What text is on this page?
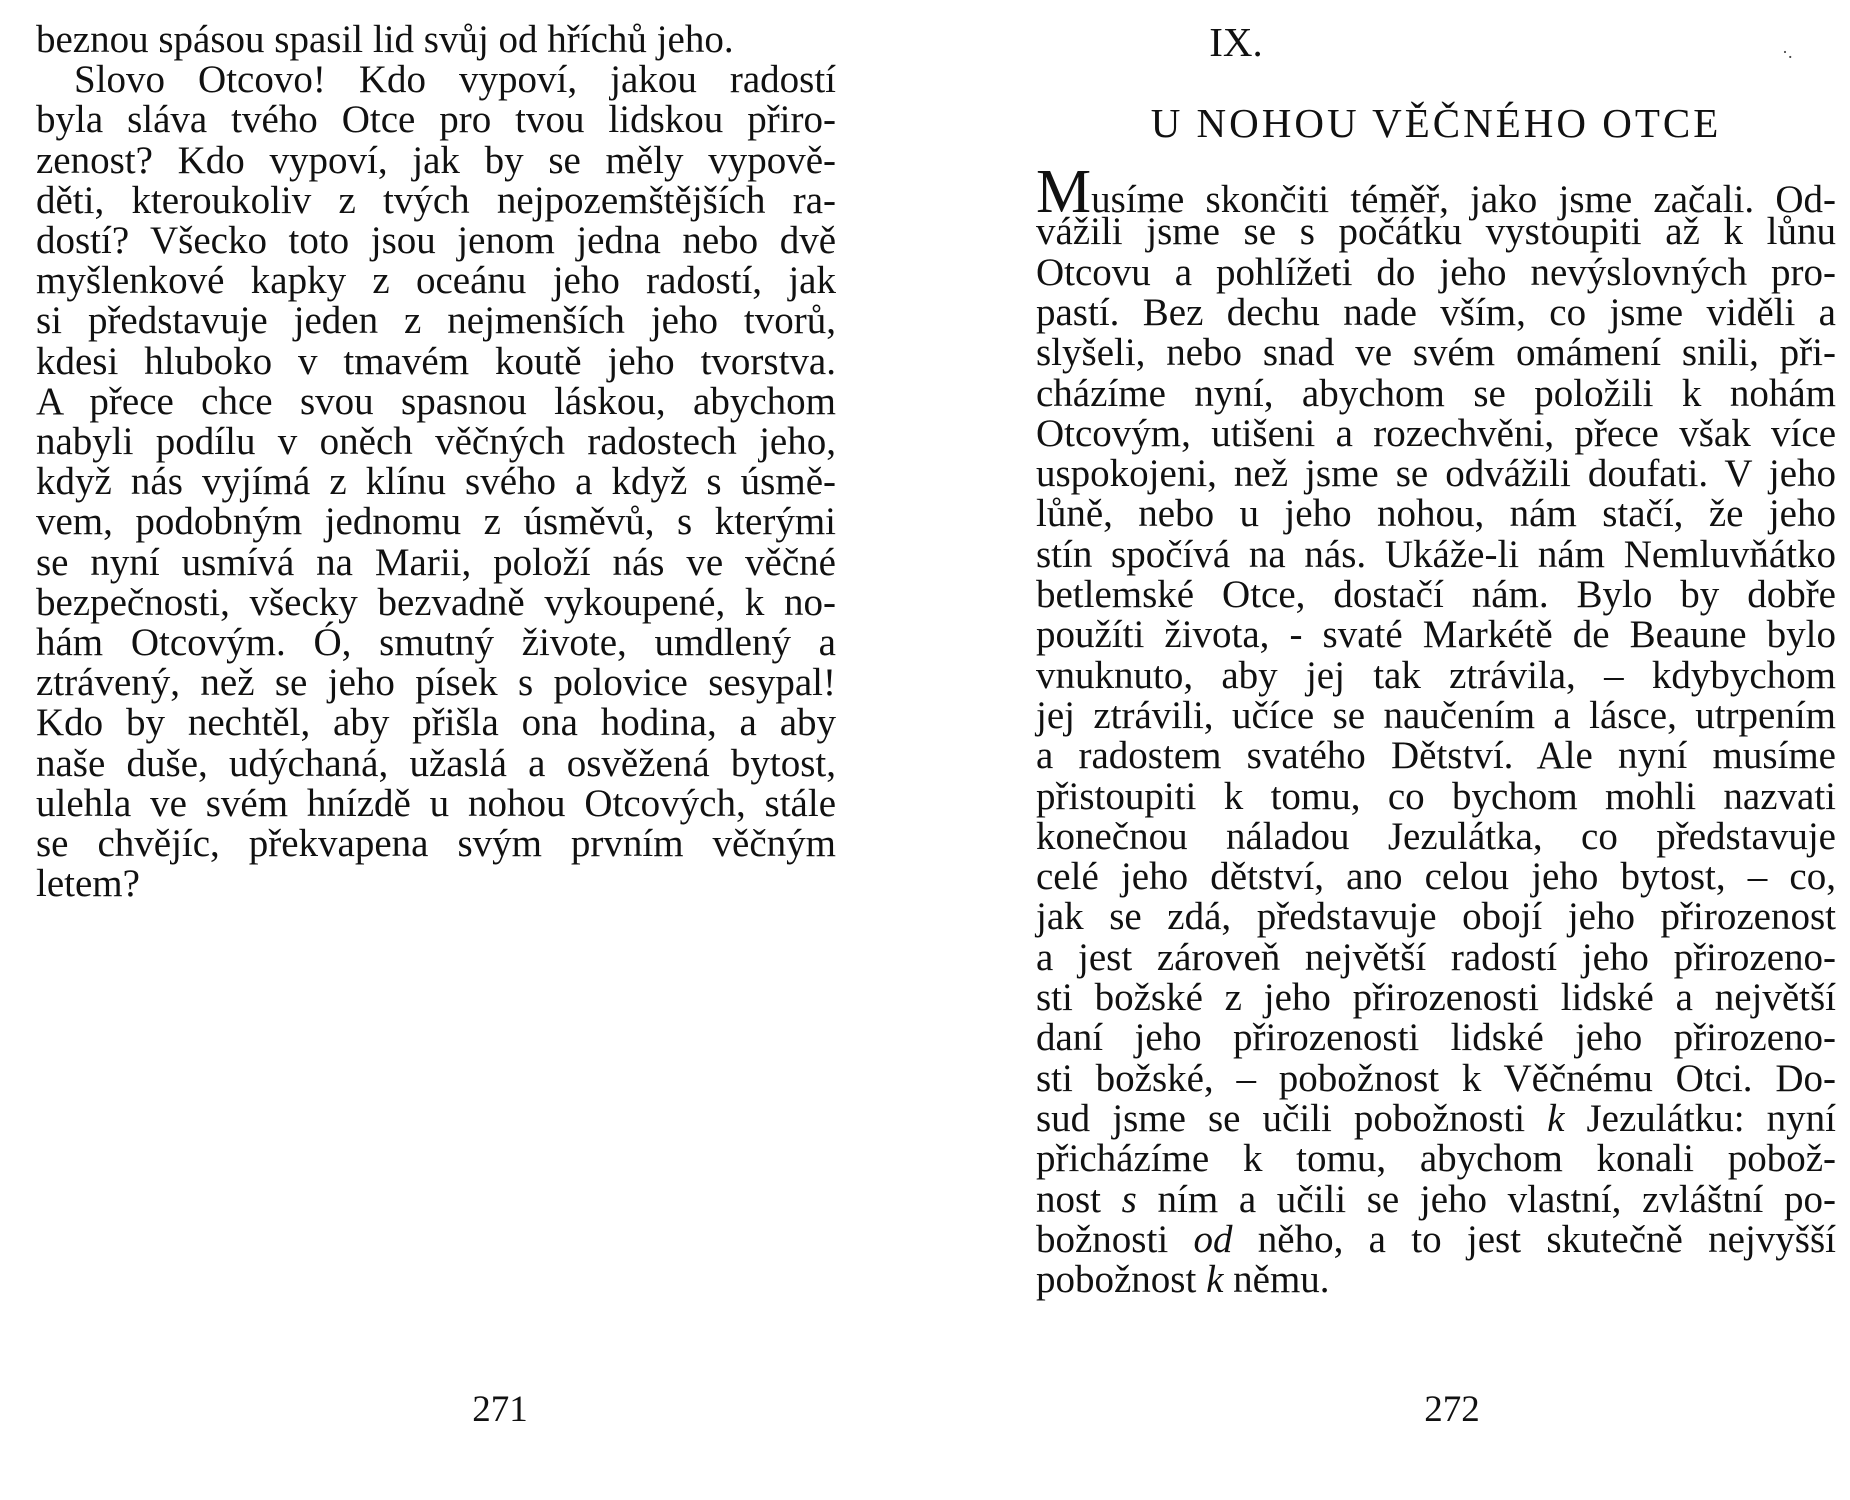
beznou spásou spasil lid svůj od hříchů jeho.
Slovo Otcovo! Kdo vypoví, jakou radostí
byla sláva tvého Otce pro tvou lidskou přiro-
zenost? Kdo vypoví, jak by se měly vypově-
děti, kteroukoliv z tvých nejpozemštějších ra-
dostí? Všecko toto jsou jenom jedna nebo dvě
myšlenkové kapky z oceánu jeho radostí, jak
si představuje jeden z nejmenších jeho tvorů,
kdesi hluboko v tmavém koutě jeho tvorstva.
A přece chce svou spasnou láskou, abychom
nabyli podílu v oněch věčných radostech jeho,
když nás vyjímá z klínu svého a když s úsmě-
vem, podobným jednomu z úsměvů, s kterými
se nyní usmívá na Marii, položí nás ve věčné
bezpečnosti, všecky bezvadně vykoupené, k no-
hám Otcovým. Ó, smutný živote, umdlený a
ztrávený, než se jeho písek s polovice sesypal!
Kdo by nechtěl, aby přišla ona hodina, a aby
naše duše, udýchaná, užaslá a osvěžená bytost,
ulehla ve svém hnízdě u nohou Otcových, stále
se chvějíc, překvapena svým prvním věčným
letem?
271
IX.
U NOHOU VĚČNÉHO OTCE
Musíme skončiti téměř, jako jsme začali. Od-
vážili jsme se s počátku vystoupiti až k lůnu
Otcovu a pohlížeti do jeho nevýslovných pro-
pastí. Bez dechu nade vším, co jsme viděli a
slyšeli, nebo snad ve svém omámení snili, při-
cházíme nyní, abychom se položili k nohám
Otcovým, utišeni a rozechvěni, přece však více
uspokojeni, než jsme se odvážili doufati. V jeho
lůně, nebo u jeho nohou, nám stačí, že jeho
stín spočívá na nás. Ukáže-li nám Nemluvňátko
betlemské Otce, dostačí nám. Bylo by dobře
použíti života, - svaté Markétě de Beaune bylo
vnuknuto, aby jej tak ztrávila, – kdybychom
jej ztrávili, učíce se naučením a lásce, utrpením
a radostem svatého Dětství. Ale nyní musíme
přistoupiti k tomu, co bychom mohli nazvati
konečnou náladou Jezulátka, co představuje
celé jeho dětství, ano celou jeho bytost, – co,
jak se zdá, představuje obojí jeho přirozenost
a jest zároveň největší radostí jeho přirozeno-
sti božské z jeho přirozenosti lidské a největší
daní jeho přirozenosti lidské jeho přirozeno-
sti božské, – pobožnost k Věčnému Otci. Do-
sud jsme se učili pobožnosti k Jezulátku: nyní
přicházíme k tomu, abychom konali pobož-
nost s ním a učili se jeho vlastní, zvláštní po-
božnosti od něho, a to jest skutečně nejvyšší
pobožnost k němu.
272
·.
